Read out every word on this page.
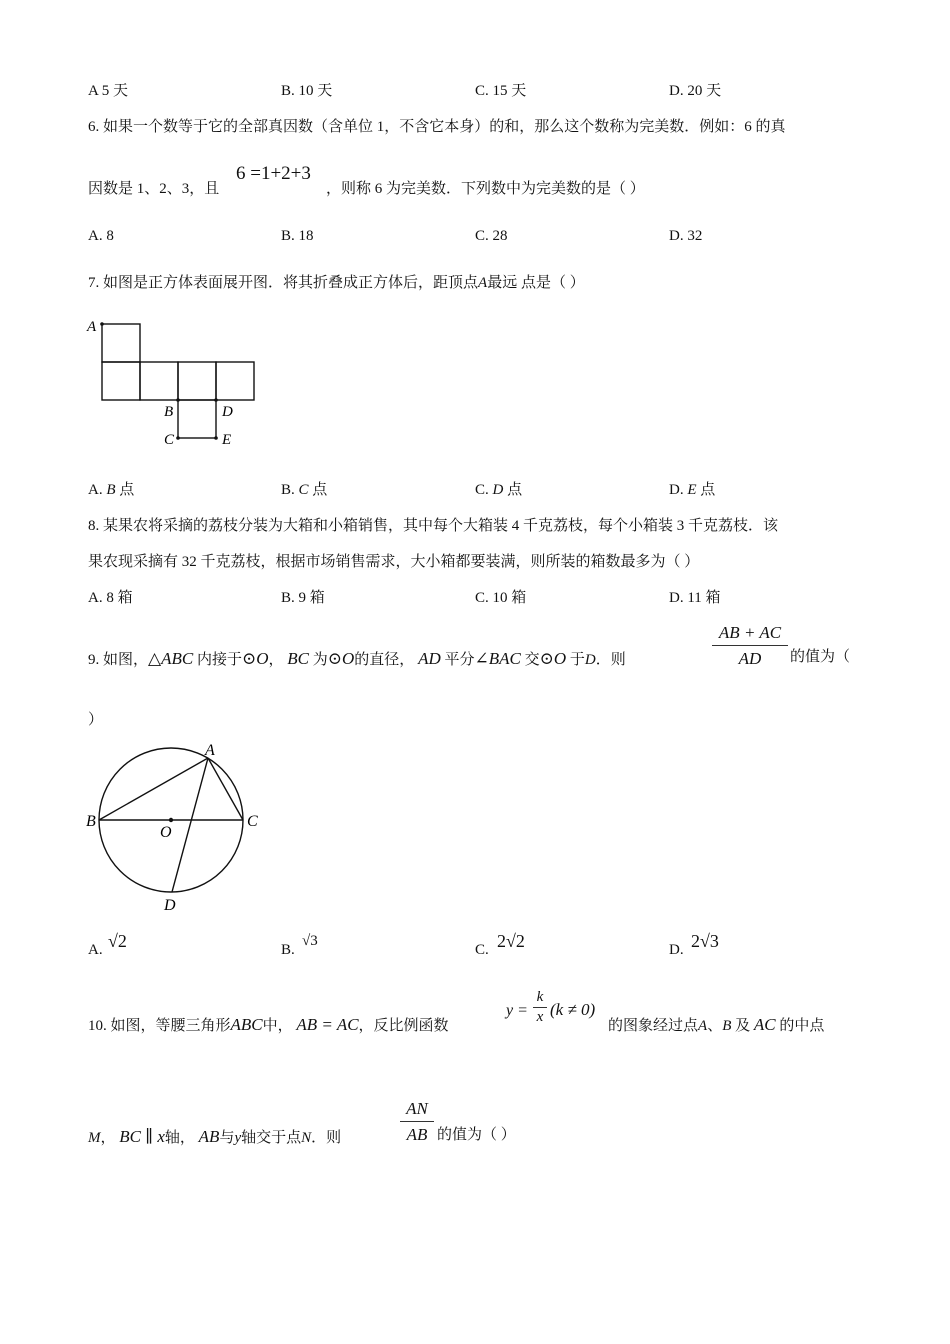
A 5 天	B. 10 天	C. 15 天	D. 20 天
6. 如果一个数等于它的全部真因数（含单位 1，不含它本身）的和，那么这个数称为完美数．例如：6 的真
因数是 1、2、3，且
6 =1+2+3
，则称 6 为完美数．下列数中为完美数的是（ ）
A. 8	B. 18	C. 28	D. 32
7. 如图是正方体表面展开图．将其折叠成正方体后，距顶点A最远 点是（ ）
A
B	D
C	E
A. B 点	B. C 点	C. D 点	D. E 点
8. 某果农将采摘的荔枝分装为大箱和小箱销售，其中每个大箱装 4 千克荔枝，每个小箱装 3 千克荔枝．该
果农现采摘有 32 千克荔枝，根据市场销售需求，大小箱都要装满，则所装的箱数最多为（ ）
A. 8 箱	B. 9 箱	C. 10 箱	D. 11 箱
9. 如图，△ABC 内接于⊙O， BC 为⊙O的直径， AD 平分∠BAC 交⊙O 于D．则
AB + AC
AD	的值为（
）
A
B	C
O
D
A. √2	B.
√3
C. 2√2	D. 2√3
10. 如图，等腰三角形ABC中， AB = AC，反比例函数
y =
k
x (k ≠ 0)
的图象经过点A、B 及 AC 的中点
M， BC ∥ x轴， AB与y轴交于点N．则
AN
AB 的值为（ ）
